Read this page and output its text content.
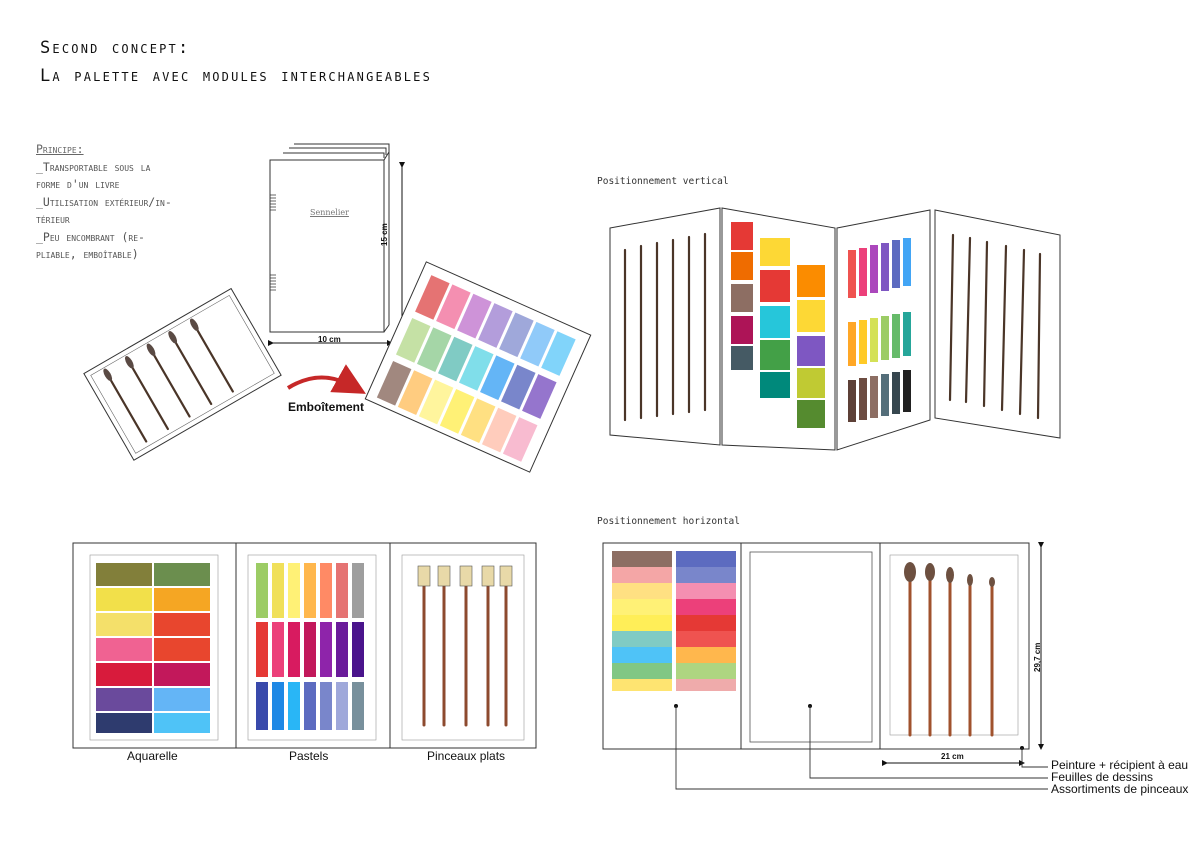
Second concept:
La palette avec modules interchangeables
Principe:
_Transportable sous la
forme d'un livre
_Utilisation extérieur/in-
térieur
_Peu encombrant (re-
pliable, emboîtable)
Sennelier
15 cm
10 cm
Emboîtement
Positionnement vertical
Positionnement horizontal
Aquarelle	Pastels	Pinceaux plats
29,7 cm
21 cm
Peinture + récipient à eau
Feuilles de dessins
Assortiments de pinceaux
